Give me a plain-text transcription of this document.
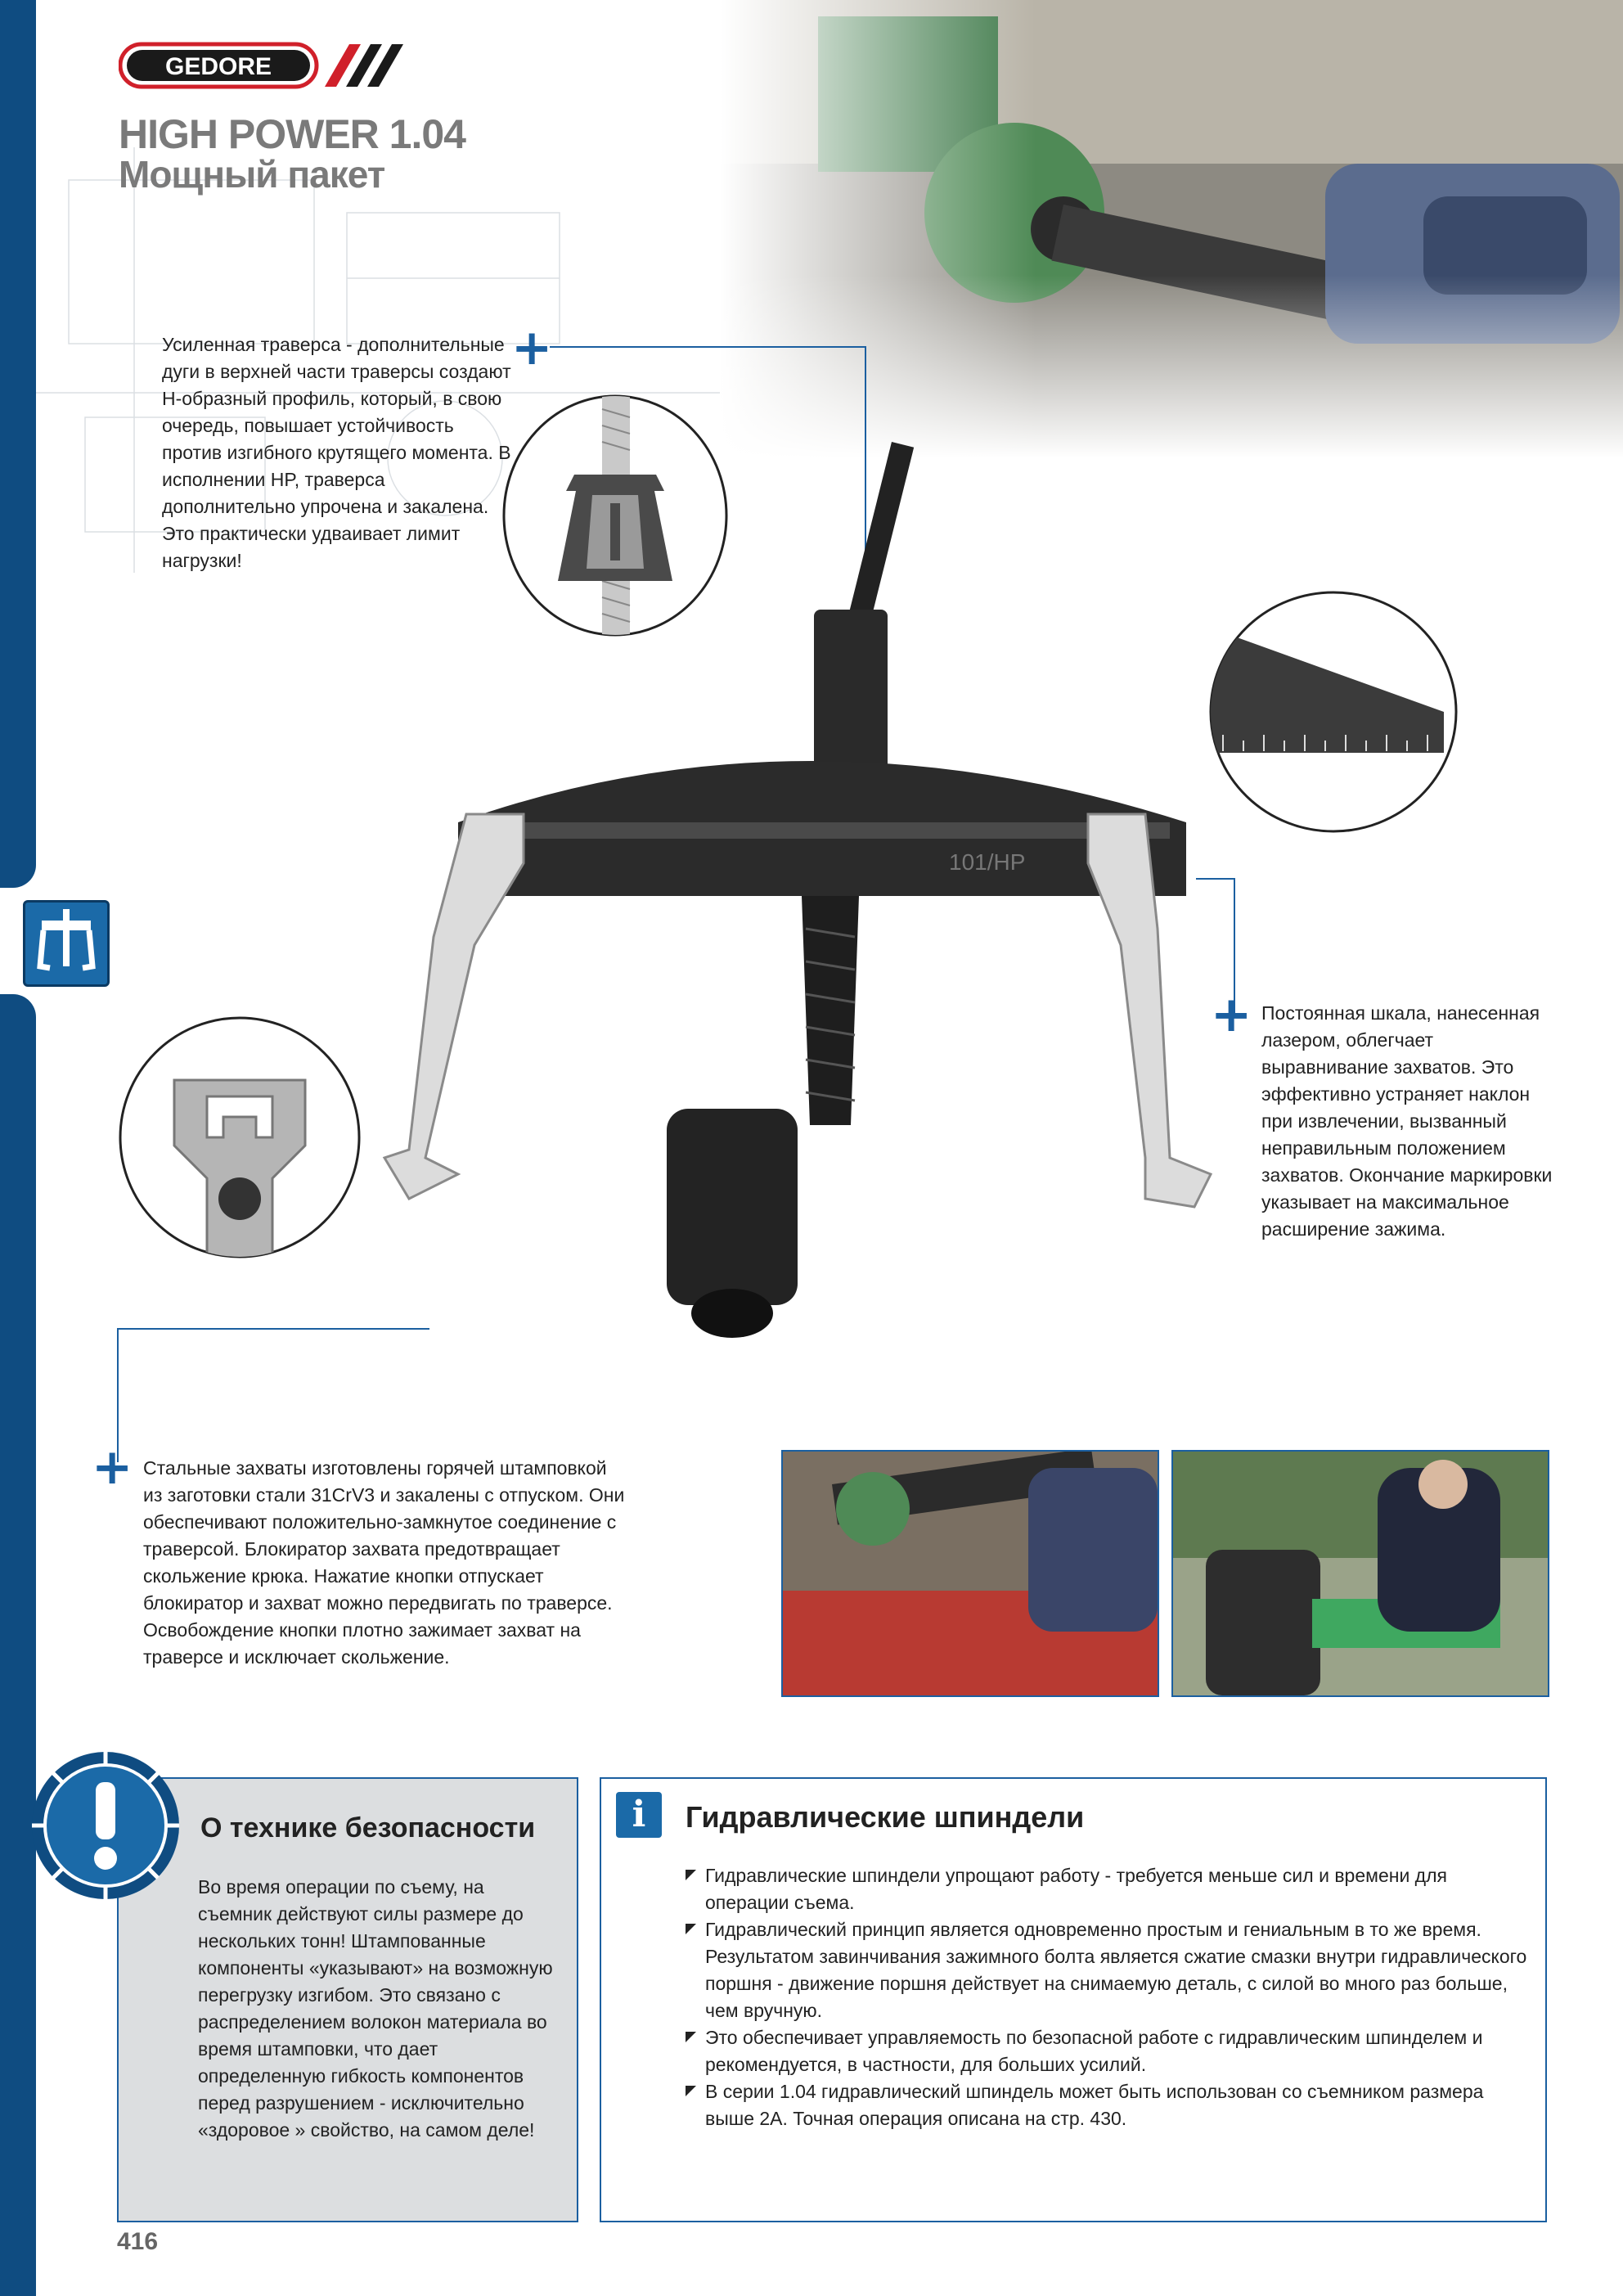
GEDORE
HIGH POWER 1.04
Мощный пакет
Усиленная траверса - дополнительные дуги в верхней части траверсы создают Н-образный профиль, который, в свою очередь, повышает устойчивость против изгибного крутящего момента. В исполнении HP, траверса дополнительно упрочена и закалена. Это практически удваивает лимит нагрузки!
+
101/HP
+ Постоянная шкала, нанесенная лазером, облегчает выравнивание захватов. Это эффективно устраняет наклон при извлечении, вызванный неправильным положением захватов. Окончание маркировки указывает на максимальное расширение зажима.
+ Стальные захваты изготовлены горячей штамповкой из заготовки стали 31CrV3 и закалены с отпуском. Они обеспечивают положительно-замкнутое соединение с траверсой. Блокиратор захвата предотвращает скольжение крюка. Нажатие кнопки отпускает блокиратор и захват можно передвигать по траверсе. Освобождение кнопки плотно зажимает захват на траверсе и исключает скольжение.
О технике безопасности
Во время операции по съему, на съемник действуют силы размере до нескольких тонн! Штампованные компоненты «указывают» на возможную перегрузку изгибом. Это связано с распределением волокон материала во время штамповки, что дает определенную гибкость компонентов перед разрушением - исключительно «здоровое » свойство, на самом деле!
i	Гидравлические шпиндели
Гидравлические шпиндели упрощают работу - требуется меньше сил и времени для операции съема.
Гидравлический принцип является одновременно простым и гениальным в то же время. Результатом завинчивания зажимного болта является сжатие смазки внутри гидравлического поршня - движение поршня действует на снимаемую деталь, с силой во много раз больше, чем вручную.
Это обеспечивает управляемость по безопасной работе с гидравлическим шпинделем и рекомендуется, в частности, для больших усилий.
В серии 1.04 гидравлический шпиндель может быть использован со съемником размера выше 2А. Точная операция описана на стр. 430.
416
